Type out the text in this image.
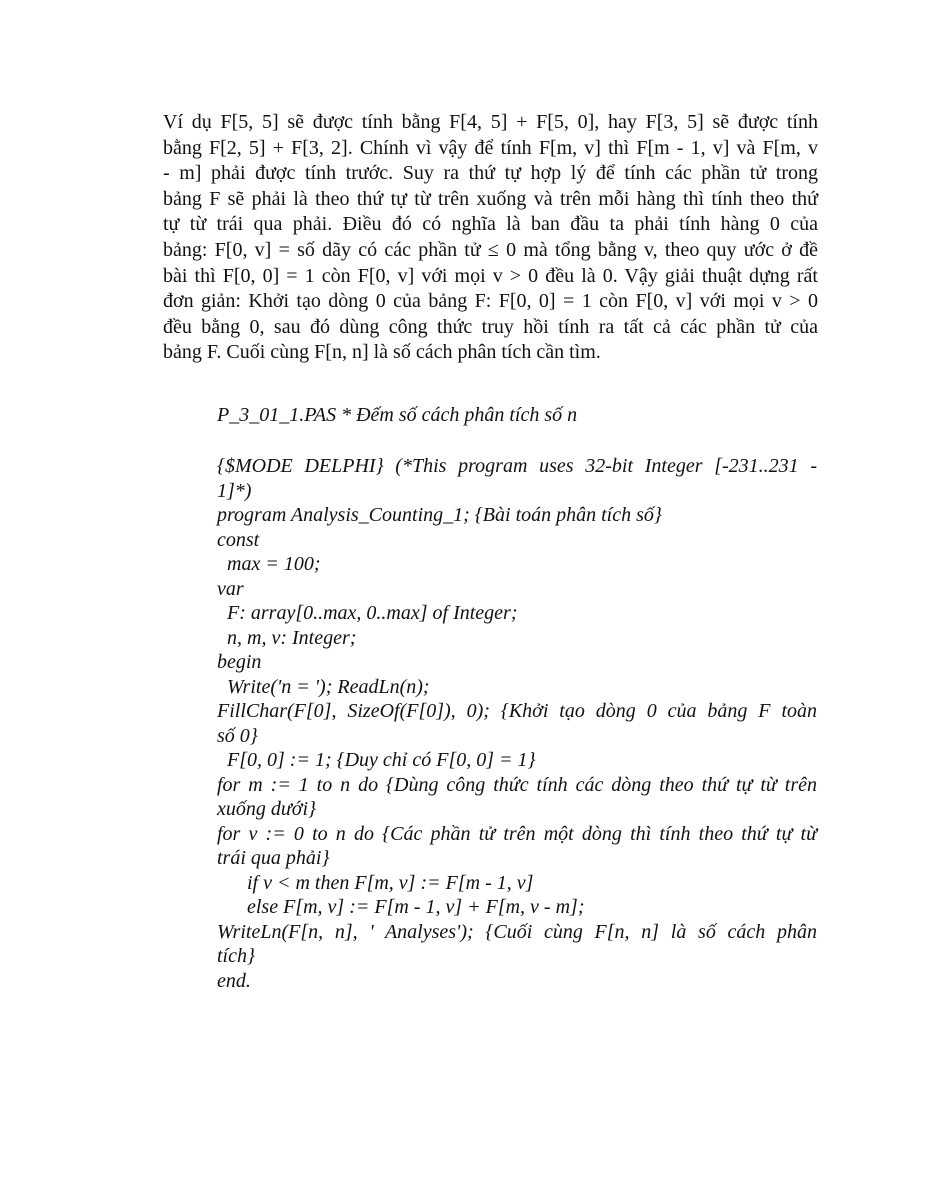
Ví dụ F[5, 5] sẽ được tính bằng F[4, 5] + F[5, 0], hay F[3, 5] sẽ được tính
bằng F[2, 5] + F[3, 2]. Chính vì vậy để tính F[m, v] thì F[m - 1, v] và F[m, v
- m] phải được tính trước. Suy ra thứ tự hợp lý để tính các phần tử trong
bảng F sẽ phải là theo thứ tự từ trên xuống và trên mỗi hàng thì tính theo thứ
tự từ trái qua phải. Điều đó có nghĩa là ban đầu ta phải tính hàng 0 của
bảng: F[0, v] = số dãy có các phần tử ≤ 0 mà tổng bằng v, theo quy ước ở đề
bài thì F[0, 0] = 1 còn F[0, v] với mọi v > 0 đều là 0. Vậy giải thuật dựng rất
đơn giản: Khởi tạo dòng 0 của bảng F: F[0, 0] = 1 còn F[0, v] với mọi v > 0
đều bằng 0, sau đó dùng công thức truy hồi tính ra tất cả các phần tử của
bảng F. Cuối cùng F[n, n] là số cách phân tích cần tìm.

P_3_01_1.PAS * Đếm số cách phân tích số n

{$MODE DELPHI} (*This program uses 32-bit Integer [-231..231 -
1]*)
program Analysis_Counting_1; {Bài toán phân tích số}
const
max = 100;
var
F: array[0..max, 0..max] of Integer;
n, m, v: Integer;
begin
Write('n = '); ReadLn(n);
FillChar(F[0], SizeOf(F[0]), 0); {Khởi tạo dòng 0 của bảng F toàn
số 0}
F[0, 0] := 1; {Duy chỉ có F[0, 0] = 1}
for m := 1 to n do {Dùng công thức tính các dòng theo thứ tự từ trên
xuống dưới}
for v := 0 to n do {Các phần tử trên một dòng thì tính theo thứ tự từ
trái qua phải}
if v < m then F[m, v] := F[m - 1, v]
else F[m, v] := F[m - 1, v] + F[m, v - m];
WriteLn(F[n, n], ' Analyses'); {Cuối cùng F[n, n] là số cách phân
tích}
end.
